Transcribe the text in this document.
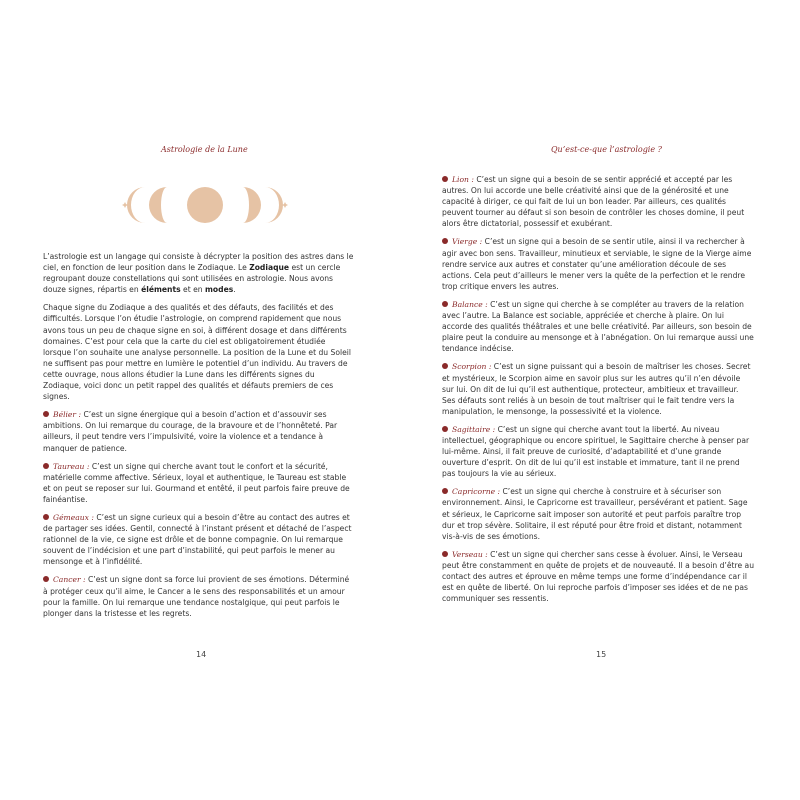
Astrologie de la Lune

L’astrologie est un langage qui consiste à décrypter la position des astres dans le ciel, en fonction de leur position dans le Zodiaque. Le Zodiaque est un cercle regroupant douze constellations qui sont utilisées en astrologie. Nous avons douze signes, répartis en éléments et en modes.

Chaque signe du Zodiaque a des qualités et des défauts, des facilités et des difficultés. Lorsque l’on étudie l’astrologie, on comprend rapidement que nous avons tous un peu de chaque signe en soi, à différent dosage et dans différents domaines. C’est pour cela que la carte du ciel est obligatoirement étudiée lorsque l’on souhaite une analyse personnelle. La position de la Lune et du Soleil ne suffisent pas pour mettre en lumière le potentiel d’un individu. Au travers de cette ouvrage, nous allons étudier la Lune dans les différents signes du Zodiaque, voici donc un petit rappel des qualités et défauts premiers de ces signes.

Bélier : C’est un signe énergique qui a besoin d’action et d’assouvir ses ambitions. On lui remarque du courage, de la bravoure et de l’honnêteté. Par ailleurs, il peut tendre vers l’impulsivité, voire la violence et a tendance à manquer de patience.

Taureau : C’est un signe qui cherche avant tout le confort et la sécurité, matérielle comme affective. Sérieux, loyal et authentique, le Taureau est stable et on peut se reposer sur lui. Gourmand et entêté, il peut parfois faire preuve de fainéantise.

Gémeaux : C’est un signe curieux qui a besoin d’être au contact des autres et de partager ses idées. Gentil, connecté à l’instant présent et détaché de l’aspect rationnel de la vie, ce signe est drôle et de bonne compagnie. On lui remarque souvent de l’indécision et une part d’instabilité, qui peut parfois le mener au mensonge et à l’infidélité.

Cancer : C’est un signe dont sa force lui provient de ses émotions. Déterminé à protéger ceux qu’il aime, le Cancer a le sens des responsabilités et un amour pour la famille. On lui remarque une tendance nostalgique, qui peut parfois le plonger dans la tristesse et les regrets.

14
Qu’est-ce-que l’astrologie ?

Lion : C’est un signe qui a besoin de se sentir apprécié et accepté par les autres. On lui accorde une belle créativité ainsi que de la générosité et une capacité à diriger, ce qui fait de lui un bon leader. Par ailleurs, ces qualités peuvent tourner au défaut si son besoin de contrôler les choses domine, il peut alors être dictatorial, possessif et exubérant.

Vierge : C’est un signe qui a besoin de se sentir utile, ainsi il va rechercher à agir avec bon sens. Travailleur, minutieux et serviable, le signe de la Vierge aime rendre service aux autres et constater qu’une amélioration découle de ses actions. Cela peut d’ailleurs le mener vers la quête de la perfection et le rendre trop critique envers les autres.

Balance : C’est un signe qui cherche à se compléter au travers de la relation avec l’autre. La Balance est sociable, appréciée et cherche à plaire. On lui accorde des qualités théâtrales et une belle créativité. Par ailleurs, son besoin de plaire peut la conduire au mensonge et à l’abnégation. On lui remarque aussi une tendance indécise.

Scorpion : C’est un signe puissant qui a besoin de maîtriser les choses. Secret et mystérieux, le Scorpion aime en savoir plus sur les autres qu’il n’en dévoile sur lui. On dit de lui qu’il est authentique, protecteur, ambitieux et travailleur. Ses défauts sont reliés à un besoin de tout maîtriser qui le fait tendre vers la manipulation, le mensonge, la possessivité et la violence.

Sagittaire : C’est un signe qui cherche avant tout la liberté. Au niveau intellectuel, géographique ou encore spirituel, le Sagittaire cherche à penser par lui-même. Ainsi, il fait preuve de curiosité, d’adaptabilité et d’une grande ouverture d’esprit. On dit de lui qu’il est instable et immature, tant il ne prend pas toujours la vie au sérieux.

Capricorne : C’est un signe qui cherche à construire et à sécuriser son environnement. Ainsi, le Capricorne est travailleur, persévérant et patient. Sage et sérieux, le Capricorne sait imposer son autorité et peut parfois paraître trop dur et trop sévère. Solitaire, il est réputé pour être froid et distant, notamment vis-à-vis de ses émotions.

Verseau : C’est un signe qui chercher sans cesse à évoluer. Ainsi, le Verseau peut être constamment en quête de projets et de nouveauté. Il a besoin d’être au contact des autres et éprouve en même temps une forme d’indépendance car il est en quête de liberté. On lui reproche parfois d’imposer ses idées et de ne pas communiquer ses ressentis.

15
